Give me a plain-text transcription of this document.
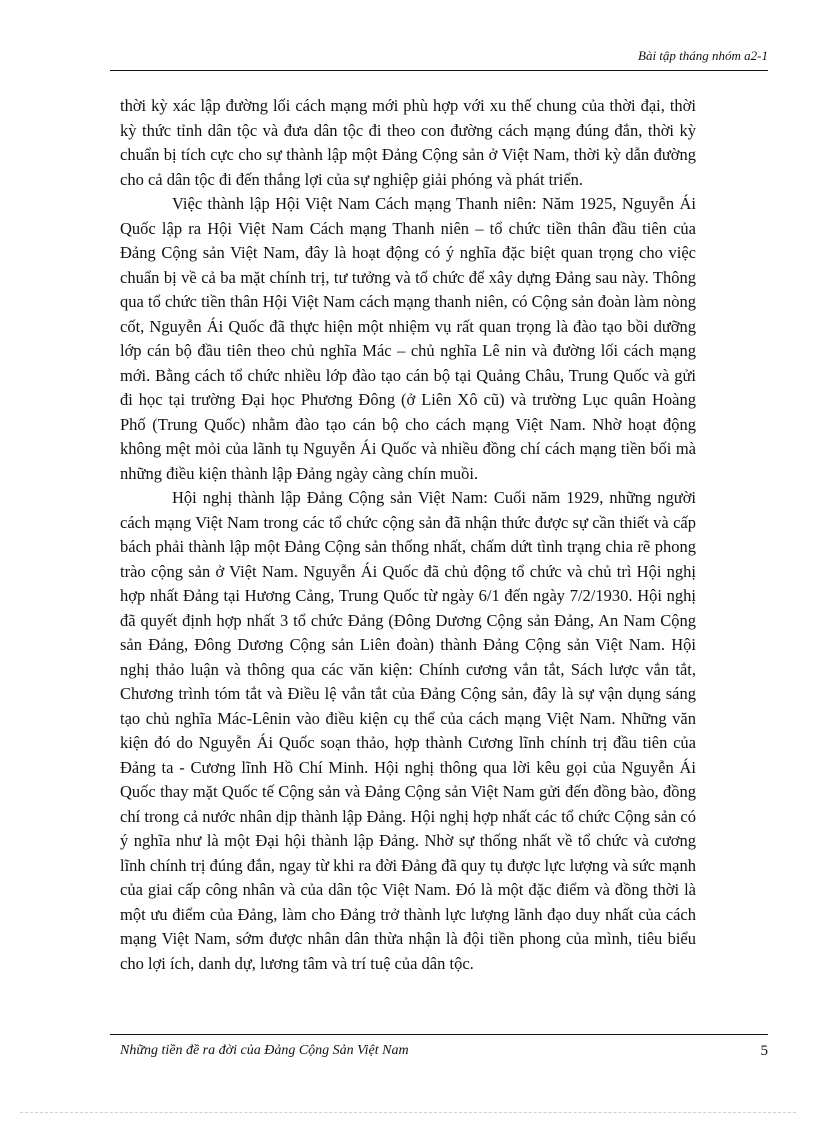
Bài tập tháng nhóm a2-1

thời kỳ xác lập đường lối cách mạng mới phù hợp với xu thế chung của thời đại, thời kỳ thức tỉnh dân tộc và đưa dân tộc đi theo con đường cách mạng đúng đắn, thời kỳ chuẩn bị tích cực cho sự thành lập một Đảng Cộng sản ở Việt Nam, thời kỳ dẫn đường cho cả dân tộc đi đến thắng lợi của sự nghiệp giải phóng và phát triển.

Việc thành lập Hội Việt Nam Cách mạng Thanh niên: Năm 1925, Nguyễn Ái Quốc lập ra Hội Việt Nam Cách mạng Thanh niên – tổ chức tiền thân đầu tiên của Đảng Cộng sản Việt Nam, đây là hoạt động có ý nghĩa đặc biệt quan trọng cho việc chuẩn bị về cả ba mặt chính trị, tư tưởng và tổ chức để xây dựng Đảng sau này. Thông qua tổ chức tiền thân Hội Việt Nam cách mạng thanh niên, có Cộng sản đoàn làm nòng cốt, Nguyễn Ái Quốc đã thực hiện một nhiệm vụ rất quan trọng là đào tạo bồi dưỡng lớp cán bộ đầu tiên theo chủ nghĩa Mác – chủ nghĩa Lê nin và đường lối cách mạng mới. Bằng cách tổ chức nhiều lớp đào tạo cán bộ tại Quảng Châu, Trung Quốc và gửi đi học tại trường Đại học Phương Đông (ở Liên Xô cũ) và trường Lục quân Hoàng Phố (Trung Quốc) nhằm đào tạo cán bộ cho cách mạng Việt Nam. Nhờ hoạt động không mệt mỏi của lãnh tụ Nguyễn Ái Quốc và nhiều đồng chí cách mạng tiền bối mà những điều kiện thành lập Đảng ngày càng chín muồi.

Hội nghị thành lập Đảng Cộng sản Việt Nam: Cuối năm 1929, những người cách mạng Việt Nam trong các tổ chức cộng sản đã nhận thức được sự cần thiết và cấp bách phải thành lập một Đảng Cộng sản thống nhất, chấm dứt tình trạng chia rẽ phong trào cộng sản ở Việt Nam. Nguyễn Ái Quốc đã chủ động tổ chức và chủ trì Hội nghị hợp nhất Đảng tại Hương Cảng, Trung Quốc từ ngày 6/1 đến ngày 7/2/1930. Hội nghị đã quyết định hợp nhất 3 tổ chức Đảng (Đông Dương Cộng sản Đảng, An Nam Cộng sản Đảng, Đông Dương Cộng sản Liên đoàn) thành Đảng Cộng sản Việt Nam. Hội nghị thảo luận và thông qua các văn kiện: Chính cương vắn tắt, Sách lược vắn tắt, Chương trình tóm tắt và Điều lệ vắn tắt của Đảng Cộng sản, đây là sự vận dụng sáng tạo chủ nghĩa Mác-Lênin vào điều kiện cụ thể của cách mạng Việt Nam. Những văn kiện đó do Nguyễn Ái Quốc soạn thảo, hợp thành Cương lĩnh chính trị đầu tiên của Đảng ta - Cương lĩnh Hồ Chí Minh. Hội nghị thông qua lời kêu gọi của Nguyễn Ái Quốc thay mặt Quốc tế Cộng sản và Đảng Cộng sản Việt Nam gửi đến đồng bào, đồng chí trong cả nước nhân dịp thành lập Đảng. Hội nghị hợp nhất các tổ chức Cộng sản có ý nghĩa như là một Đại hội thành lập Đảng. Nhờ sự thống nhất về tổ chức và cương lĩnh chính trị đúng đắn, ngay từ khi ra đời Đảng đã quy tụ được lực lượng và sức mạnh của giai cấp công nhân và của dân tộc Việt Nam. Đó là một đặc điểm và đồng thời là một ưu điểm của Đảng, làm cho Đảng trở thành lực lượng lãnh đạo duy nhất của cách mạng Việt Nam, sớm được nhân dân thừa nhận là đội tiền phong của mình, tiêu biểu cho lợi ích, danh dự, lương tâm và trí tuệ của dân tộc.

Những tiền đề ra đời của Đảng Cộng Sản Việt Nam	5
